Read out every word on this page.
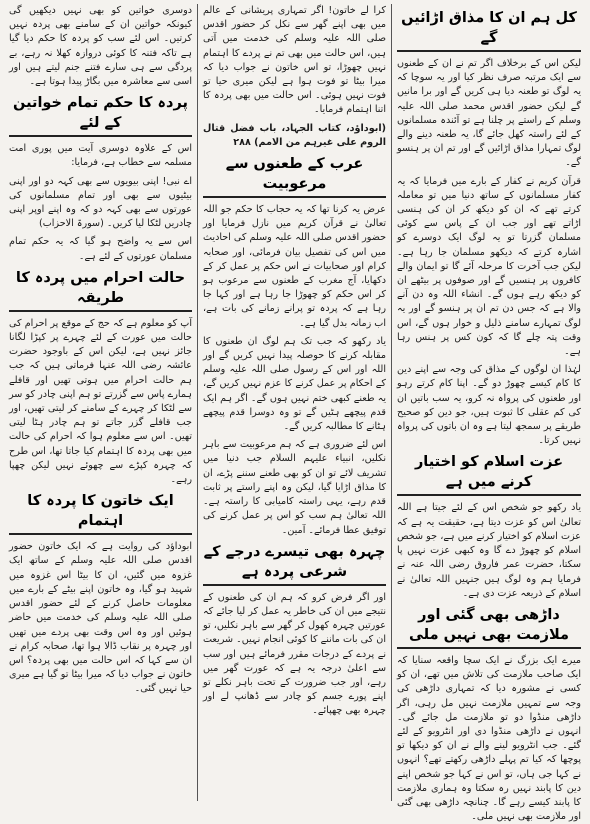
کل ہم ان کا مذاق اڑائیں گے

لیکن اس کے برخلاف اگر تم نے ان کے طعنوں سے ایک مرتبہ صرف نظر کیا اور یہ سوچا کہ یہ لوگ تو طعنہ دیا ہی کریں گے اور برا مانیں گے لیکن حضور اقدس محمد صلی اللہ علیہ وسلم کے راستے پر چلنا ہے تو آئندہ مسلمانوں کے لئے راستہ کھل جائے گا، یہ طعنہ دینے والے لوگ تمہارا مذاق اڑائیں گے اور تم ان پر ہنسو گے۔

قرآن کریم نے کفار کے بارے میں فرمایا کہ یہ کفار مسلمانوں کے ساتھ دنیا میں تو معاملہ کرتے تھے کہ ان کو دیکھ کر ان کی ہنسی اڑاتے تھے اور جب ان کے پاس سے کوئی مسلمان گزرتا تو یہ لوگ ایک دوسرے کو اشارہ کرتے کہ دیکھو مسلمان جا رہا ہے۔ لیکن جب آخرت کا مرحلہ آئے گا تو ایمان والے کافروں پر ہنسیں گے اور صوفوں پر بیٹھے ان کو دیکھ رہے ہوں گے۔ انشاء اللہ وہ دن آنے والا ہے کہ جس دن تم ان پر ہنسو گے اور یہ لوگ تمہارے سامنے ذلیل و خوار ہوں گے، اس وقت پتہ چلے گا کہ کون کس پر ہنس رہا ہے۔

لہٰذا ان لوگوں کے مذاق کی وجہ سے اپنے دین کا کام کیسے چھوڑ دو گے۔ اپنا کام کرتے رہو اور طعنوں کی پرواہ نہ کرو، یہ سب باتیں ان کی کم عقلی کا ثبوت ہیں، جو دین کو صحیح طریقے پر سمجھ لیتا ہے وہ ان باتوں کی پرواہ نہیں کرتا۔

عزت اسلام کو اختیار کرنے میں ہے

یاد رکھو جو شخص اس کے لئے جیتا ہے اللہ تعالیٰ اس کو عزت دیتا ہے، حقیقت یہ ہے کہ عزت اسلام کو اختیار کرنے میں ہے، جو شخص اسلام کو چھوڑ دے گا وہ کبھی عزت نہیں پا سکتا، حضرت عمر فاروق رضی اللہ عنہ نے فرمایا ہم وہ لوگ ہیں جنہیں اللہ تعالیٰ نے اسلام کے ذریعہ عزت دی ہے۔

داڑھی بھی گئی اور ملازمت بھی نہیں ملی

میرے ایک بزرگ نے ایک سچا واقعہ سنایا کہ ایک صاحب ملازمت کی تلاش میں تھے، ان کو کسی نے مشورہ دیا کہ تمہاری داڑھی کی وجہ سے تمہیں ملازمت نہیں مل رہی، اگر داڑھی منڈوا دو تو ملازمت مل جائے گی۔ انہوں نے داڑھی منڈوا دی اور انٹرویو کے لئے گئے۔ جب انٹرویو لینے والے نے ان کو دیکھا تو پوچھا کہ کیا تم پہلے داڑھی رکھتے تھے؟ انہوں نے کہا جی ہاں، تو اس نے کہا جو شخص اپنے دین کا پابند نہیں رہ سکتا وہ ہماری ملازمت کا پابند کیسے رہے گا۔ چنانچہ داڑھی بھی گئی اور ملازمت بھی نہیں ملی۔

کرا لے خاتون! اگر تمہاری پریشانی کے عالم میں بھی اپنے گھر سے نکل کر حضور اقدس صلی اللہ علیہ وسلم کی خدمت میں آتی ہیں، اس حالت میں بھی تم نے پردے کا اہتمام نہیں چھوڑا، تو اس خاتون نے جواب دیا کہ میرا بیٹا تو فوت ہوا ہے لیکن میری حیا تو فوت نہیں ہوئی۔ اس حالت میں بھی پردہ کا اتنا اہتمام فرمایا۔

(ابوداؤد، کتاب الجہاد، باب فضل قتال الروم علی غیرہم من الامم) ۲۸۸

عرب کے طعنوں سے مرعوبیت

عرض یہ کرنا تھا کہ یہ حجاب کا حکم جو اللہ تعالیٰ نے قرآن کریم میں نازل فرمایا اور حضور اقدس صلی اللہ علیہ وسلم کی احادیث میں اس کی تفصیل بیان فرمائی، اور صحابہ کرام اور صحابیات نے اس حکم پر عمل کر کے دکھایا، آج مغرب کے طعنوں سے مرعوب ہو کر اس حکم کو چھوڑا جا رہا ہے اور کہا جا رہا ہے کہ پردہ تو پرانے زمانے کی بات ہے، اب زمانہ بدل گیا ہے۔

یاد رکھو کہ جب تک ہم لوگ ان طعنوں کا مقابلہ کرنے کا حوصلہ پیدا نہیں کریں گے اور اللہ اور اس کے رسول صلی اللہ علیہ وسلم کے احکام پر عمل کرنے کا عزم نہیں کریں گے، یہ طعنے کبھی ختم نہیں ہوں گے۔ اگر ہم ایک قدم پیچھے ہٹیں گے تو وہ دوسرا قدم پیچھے ہٹانے کا مطالبہ کریں گے۔

اس لئے ضروری ہے کہ ہم مرعوبیت سے باہر نکلیں، انبیاء علیہم السلام جب دنیا میں تشریف لائے تو ان کو بھی طعنے سننے پڑے، ان کا مذاق اڑایا گیا، لیکن وہ اپنے راستے پر ثابت قدم رہے، یہی راستہ کامیابی کا راستہ ہے۔ اللہ تعالیٰ ہم سب کو اس پر عمل کرنے کی توفیق عطا فرمائے۔ آمین۔

چہرہ بھی تیسرے درجے کے شرعی پردہ ہے

اور اگر فرض کرو کہ ہم ان کی طعنوں کے نتیجے میں ان کی خاطر یہ عمل کر لیا جائے کہ عورتیں چہرہ کھول کر گھر سے باہر نکلیں، تو ان کی بات ماننے کا کوئی انجام نہیں۔ شریعت نے پردے کے درجات مقرر فرمائے ہیں اور سب سے اعلیٰ درجہ یہ ہے کہ عورت گھر میں رہے، اور جب ضرورت کے تحت باہر نکلے تو اپنے پورے جسم کو چادر سے ڈھانپ لے اور چہرہ بھی چھپائے۔

دوسری خواتین کو بھی نہیں دیکھیں گی کیونکہ خواتین ان کے سامنے بھی پردہ نہیں کرتیں۔ اس لئے سب کو پردہ کا حکم دیا گیا ہے تاکہ فتنہ کا کوئی دروازہ کھلا نہ رہے، بے پردگی سے ہی سارے فتنے جنم لیتے ہیں اور اسی سے معاشرہ میں بگاڑ پیدا ہوتا ہے۔

پردہ کا حکم تمام خواتین کے لئے

اس کے علاوہ دوسری آیت میں پوری امت مسلمہ سے خطاب ہے، فرمایا:

اے نبی! اپنی بیویوں سے بھی کہہ دو اور اپنی بیٹیوں سے بھی اور تمام مسلمانوں کی عورتوں سے بھی کہہ دو کہ وہ اپنے اوپر اپنی چادریں لٹکا لیا کریں۔ (سورۃ الاحزاب)

اس سے یہ واضح ہو گیا کہ یہ حکم تمام مسلمان عورتوں کے لئے ہے۔

حالت احرام میں پردہ کا طریقہ

آپ کو معلوم ہے کہ حج کے موقع پر احرام کی حالت میں عورت کے لئے چہرے پر کپڑا لگانا جائز نہیں ہے، لیکن اس کے باوجود حضرت عائشہ رضی اللہ عنہا فرماتی ہیں کہ جب ہم حالت احرام میں ہوتی تھیں اور قافلے ہمارے پاس سے گزرتے تو ہم اپنی چادر کو سر سے لٹکا کر چہرے کے سامنے کر لیتی تھیں، اور جب قافلے گزر جاتے تو ہم چادر ہٹا لیتی تھیں۔ اس سے معلوم ہوا کہ احرام کی حالت میں بھی پردہ کا اہتمام کیا جاتا تھا، اس طرح کہ چہرہ کپڑے سے چھوئے نہیں لیکن چھپا رہے۔

ایک خاتون کا پردہ کا اہتمام

ابوداؤد کی روایت ہے کہ ایک خاتون حضور اقدس صلی اللہ علیہ وسلم کے ساتھ ایک غزوہ میں گئیں، ان کا بیٹا اس غزوہ میں شہید ہو گیا، وہ خاتون اپنے بیٹے کے بارے میں معلومات حاصل کرنے کے لئے حضور اقدس صلی اللہ علیہ وسلم کی خدمت میں حاضر ہوئیں اور وہ اس وقت بھی پردے میں تھیں اور چہرہ پر نقاب ڈالا ہوا تھا، صحابہ کرام نے ان سے کہا کہ اس حالت میں بھی پردہ؟ اس خاتون نے جواب دیا کہ میرا بیٹا تو گیا ہے میری حیا نہیں گئی۔
